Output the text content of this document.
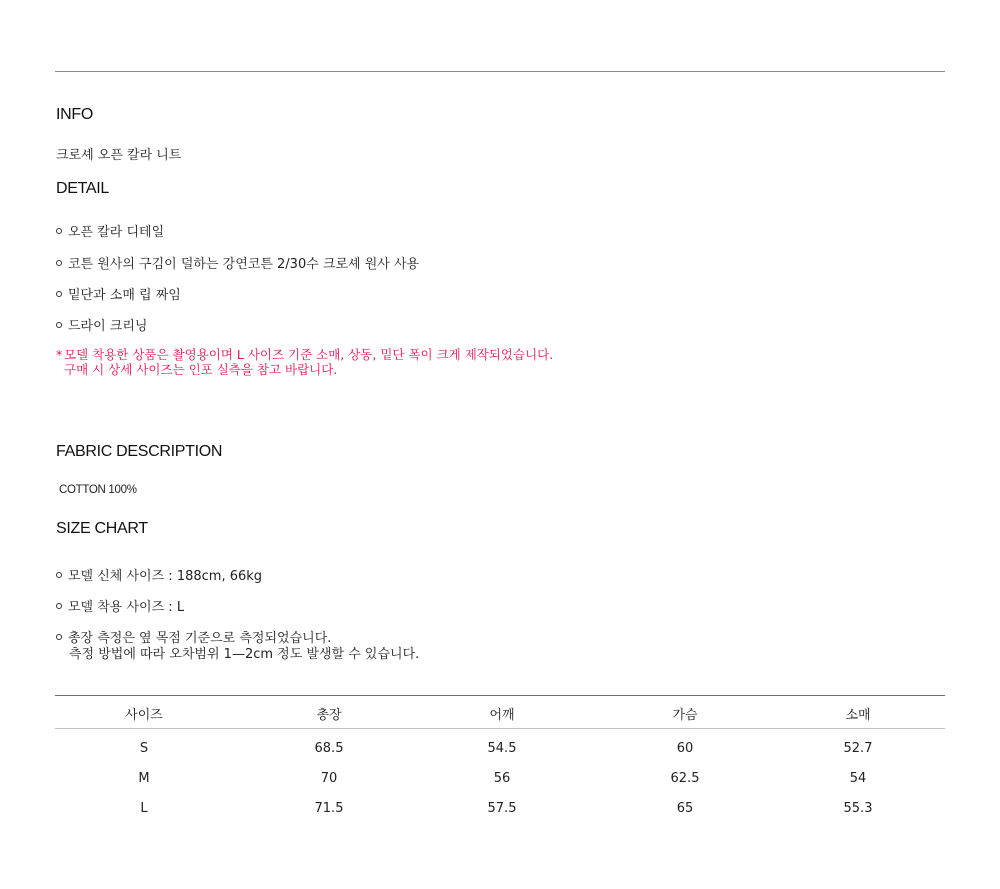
INFO
크로셰 오픈 칼라 니트
DETAIL
오픈 칼라 디테일
코튼 원사의 구김이 덜하는 강연코튼 2/30수 크로셰 원사 사용
밑단과 소매 립 짜임
드라이 크리닝
* 모델 착용한 상품은 촬영용이며 L 사이즈 기준 소매, 상동, 밑단 폭이 크게 제작되었습니다.
구매 시 상세 사이즈는 인포 실측을 참고 바랍니다.
FABRIC DESCRIPTION
COTTON 100%
SIZE CHART
모델 신체 사이즈 : 188cm, 66kg
모델 착용 사이즈 : L
총장 측정은 옆 목점 기준으로 측정되었습니다.
측정 방법에 따라 오차범위 1—2cm 정도 발생할 수 있습니다.
사이즈	총장	어깨	가슴	소매
S	68.5	54.5	60	52.7
M	70	56	62.5	54
L	71.5	57.5	65	55.3
